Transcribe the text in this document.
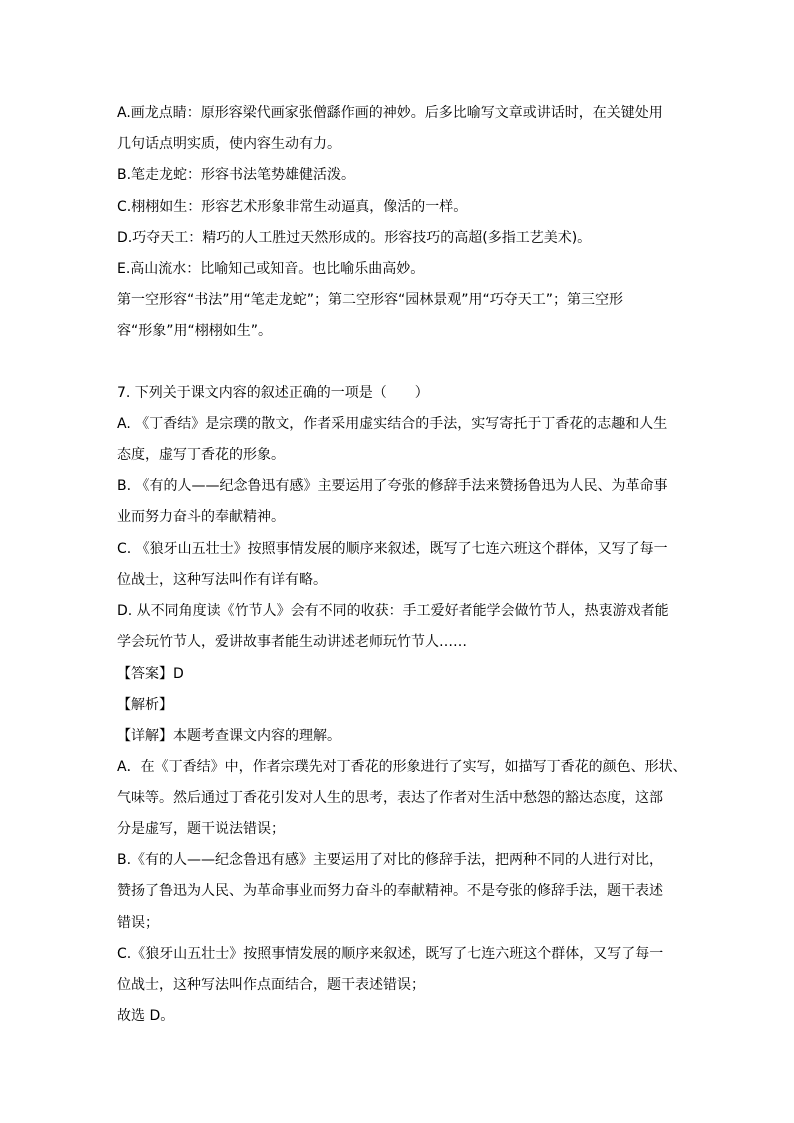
A.画龙点睛：原形容梁代画家张僧繇作画的神妙。后多比喻写文章或讲话时，在关键处用
几句话点明实质，使内容生动有力。
B.笔走龙蛇：形容书法笔势雄健活泼。
C.栩栩如生：形容艺术形象非常生动逼真，像活的一样。
D.巧夺天工：精巧的人工胜过天然形成的。形容技巧的高超(多指工艺美术)。
E.高山流水：比喻知己或知音。也比喻乐曲高妙。
第一空形容“书法”用“笔走龙蛇”；第二空形容“园林景观”用“巧夺天工”；第三空形
容“形象”用“栩栩如生”。
7. 下列关于课文内容的叙述正确的一项是（　　）
A. 《丁香结》是宗璞的散文，作者采用虚实结合的手法，实写寄托于丁香花的志趣和人生
态度，虚写丁香花的形象。
B. 《有的人——纪念鲁迅有感》主要运用了夸张的修辞手法来赞扬鲁迅为人民、为革命事
业而努力奋斗的奉献精神。
C. 《狼牙山五壮士》按照事情发展的顺序来叙述，既写了七连六班这个群体，又写了每一
位战士，这种写法叫作有详有略。
D. 从不同角度读《竹节人》会有不同的收获：手工爱好者能学会做竹节人，热衷游戏者能
学会玩竹节人，爱讲故事者能生动讲述老师玩竹节人……
【答案】D
【解析】
【详解】本题考查课文内容的理解。
A．在《丁香结》中，作者宗璞先对丁香花的形象进行了实写，如描写丁香花的颜色、形状、
气味等。然后通过丁香花引发对人生的思考，表达了作者对生活中愁怨的豁达态度，这部
分是虚写，题干说法错误；
B.《有的人——纪念鲁迅有感》主要运用了对比的修辞手法，把两种不同的人进行对比，
赞扬了鲁迅为人民、为革命事业而努力奋斗的奉献精神。不是夸张的修辞手法，题干表述
错误；
C.《狼牙山五壮士》按照事情发展的顺序来叙述，既写了七连六班这个群体，又写了每一
位战士，这种写法叫作点面结合，题干表述错误；
故选 D。
